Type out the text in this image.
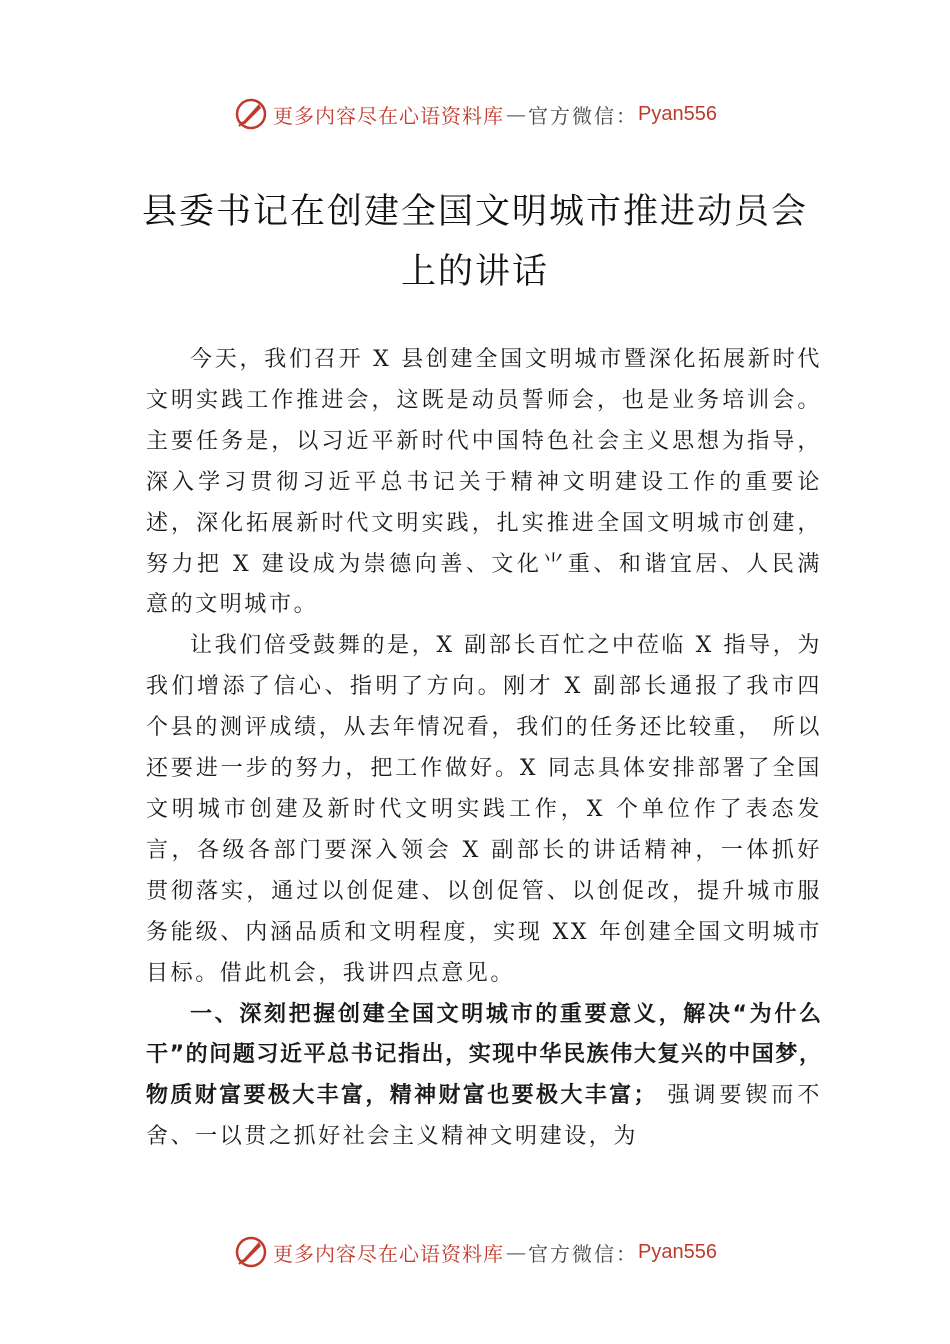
更多内容尽在心语资料库 — 官方微信： Pyan556
县委书记在创建全国文明城市推进动员会
上的讲话

今天，我们召开 X 县创建全国文明城市暨深化拓展新时代文明实践工作推进会，这既是动员誓师会，也是业务培训会。主要任务是，以习近平新时代中国特色社会主义思想为指导，深入学习贯彻习近平总书记关于精神文明建设工作的重要论述，深化拓展新时代文明实践，扎实推进全国文明城市创建，努力把 X 建设成为崇德向善、文化⺌重、和谐宜居、人民满意的文明城市。

让我们倍受鼓舞的是，X 副部长百忙之中莅临 X 指导，为我们增添了信心、指明了方向。刚才 X 副部长通报了我市四个县的测评成绩，从去年情况看，我们的任务还比较重， 所以还要进一步的努力，把工作做好。X 同志具体安排部署了全国文明城市创建及新时代文明实践工作，X 个单位作了表态发言，各级各部门要深入领会 X 副部长的讲话精神，一体抓好贯彻落实，通过以创促建、以创促管、以创促改，提升城市服务能级、内涵品质和文明程度，实现 XX 年创建全国文明城市目标。借此机会，我讲四点意见。

一、深刻把握创建全国文明城市的重要意义，解决“为什么干”的问题习近平总书记指出，实现中华民族伟大复兴的中国梦，物质财富要极大丰富，精神财富也要极大丰富； 强调要锲而不舍、一以贯之抓好社会主义精神文明建设，为

更多内容尽在心语资料库 — 官方微信： Pyan556
